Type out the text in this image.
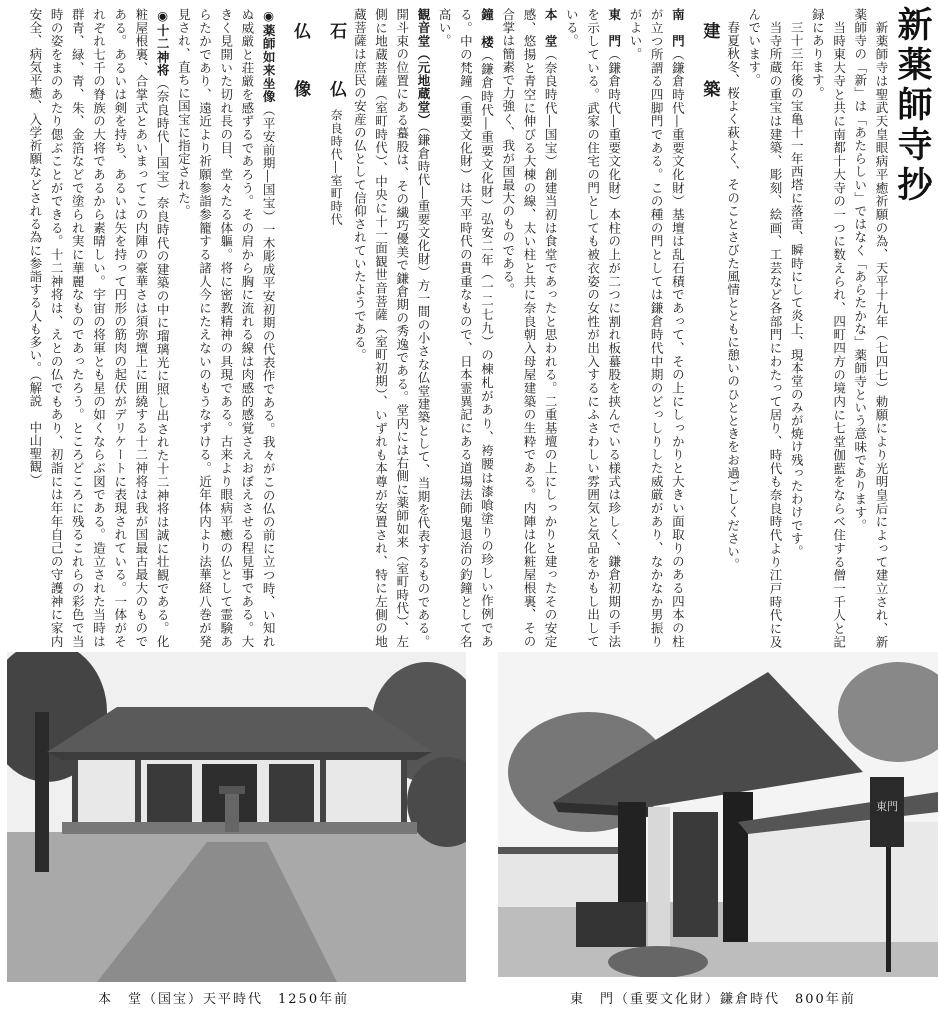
新薬師寺抄

新薬師寺は聖武天皇眼病平癒祈願の為、天平十九年（七四七）勅願により光明皇后によって建立され、新薬師寺の「新」は「あたらしい」ではなく「あらたかな」薬師寺という意味であります。

当時東大寺と共に南都十大寺の一つに数えられ、四町四方の境内に七堂伽藍をならべ住する僧一千人と記録にあります。

三十三年後の宝亀十一年西塔に落雷、瞬時にして炎上、現本堂のみが焼け残ったわけです。

当寺所蔵の重宝は建築、彫刻、絵画、工芸など各部門にわたって居り、時代も奈良時代より江戸時代に及んでいます。

春夏秋冬、桜よく萩よく、そのことさびた風情とともに憩いのひとときをお過ごしください。

建　築

南　門（鎌倉時代―重要文化財）基壇は乱石積であって、その上にしっかりと大きい面取りのある四本の柱が立つ所謂る四脚門である。この種の門としては鎌倉時代中期のどっしりした威厳があり、なかなか男振りがよい。

東　門（鎌倉時代―重要文化財）本柱の上が二つに割れ板蟇股を挟んでいる様式は珍しく、鎌倉初期の手法を示している。武家の住宅の門としても被衣姿の女性が出入するにふさわしい雰囲気と気品をかもし出している。

本　堂（奈良時代―国宝）創建当初は食堂であったと思われる。二重基壇の上にしっかりと建ったその安定感、悠揚と青空に伸びる大棟の線、太い柱と共に奈良朝入母屋建築の生粋である。内陣は化粧屋根裏、その合掌は簡素で力強く、我が国最大のものである。

鐘　楼（鎌倉時代―重要文化財）弘安二年（一二七九）の棟札があり、袴腰は漆喰塗りの珍しい作例である。中の梵鐘（重要文化財）は天平時代の貴重なもので、日本霊異記にある道場法師鬼退治の釣鐘として名高い。

観音堂（元地蔵堂）（鎌倉時代―重要文化財）方一間の小さな仏堂建築として、当期を代表するものである。開斗束の位置にある蟇股は、その繊巧優美で鎌倉期の秀逸である。堂内には右側に薬師如来（室町時代）、左側に地蔵菩薩（室町時代）、中央に十一面観世音菩薩（室町初期）、いずれも本尊が安置され、特に左側の地蔵菩薩は庶民の安産の仏として信仰されていたようである。

石　仏奈良時代―室町時代
仏　像

◉薬師如来坐像（平安前期―国宝）一木彫成平安初期の代表作である。我々がこの仏の前に立つ時、い知れぬ威厳と荘厳を感ずるであろう。その肩から胸に流れる線は肉感的感覚さえおぼえさせる程見事である。大きく見開いた切れ長の目、堂々たる体軀。将に密教精神の具現である。古来より眼病平癒の仏として霊験あらたかであり、遠近より祈願参詣参籠する諸人今にたえないのもうなずける。近年体内より法華経八巻が発見され、直ちに国宝に指定された。

◉十二神将（奈良時代―国宝）奈良時代の建築の中に瑠璃光に照し出された十二神将は誠に壮観である。化粧屋根裏、合掌式とあいまってこの内陣の豪華さは須弥壇上に囲繞する十二神将は我が国最古最大のものである。あるいは剣を持ち、あるいは矢を持って円形の筋肉の起伏がデリケートに表現されている。一体がそれぞれ七千の脊族の大将であるから素晴しい。宇宙の将軍とも星の如くならぶ図である。造立された当時は群青、緑、青、朱、金箔などで塗られ実に華麗なものであったろう。ところどころに残るこれらの彩色で当時の姿をまのあたり偲ぶことができる。十二神将は、えとの仏でもあり、初詣には年年自己の守護神に家内安全、病気平癒、入学祈願などされる為に参詣する人も多い。（解説　中山聖観）

本　堂（国宝）天平時代　1250年前
東門
東　門（重要文化財）鎌倉時代　800年前
